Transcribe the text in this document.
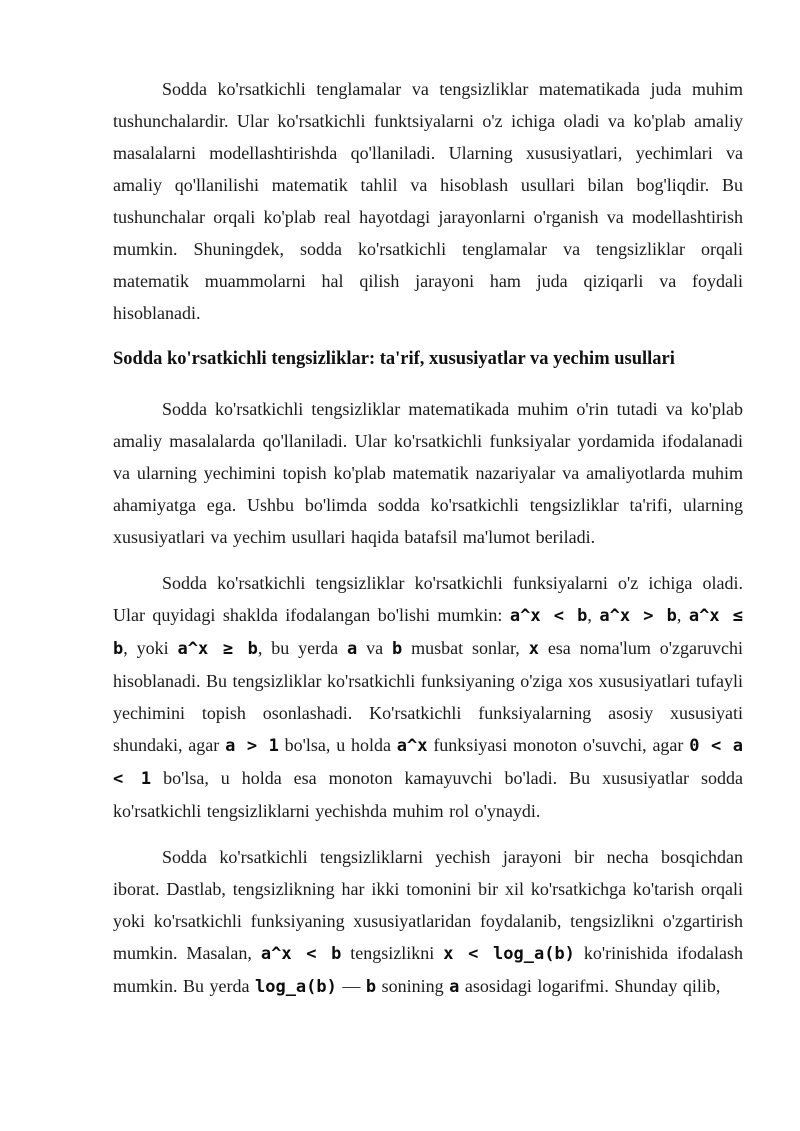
Sodda ko'rsatkichli tenglamalar va tengsizliklar matematikada juda muhim tushunchalardir. Ular ko'rsatkichli funktsiyalarni o'z ichiga oladi va ko'plab amaliy masalalarni modellashtirishda qo'llaniladi. Ularning xususiyatlari, yechimlari va amaliy qo'llanilishi matematik tahlil va hisoblash usullari bilan bog'liqdir. Bu tushunchalar orqali ko'plab real hayotdagi jarayonlarni o'rganish va modellashtirish mumkin. Shuningdek, sodda ko'rsatkichli tenglamalar va tengsizliklar orqali matematik muammolarni hal qilish jarayoni ham juda qiziqarli va foydali hisoblanadi.

Sodda ko'rsatkichli tengsizliklar: ta'rif, xususiyatlar va yechim usullari

Sodda ko'rsatkichli tengsizliklar matematikada muhim o'rin tutadi va ko'plab amaliy masalalarda qo'llaniladi. Ular ko'rsatkichli funksiyalar yordamida ifodalanadi va ularning yechimini topish ko'plab matematik nazariyalar va amaliyotlarda muhim ahamiyatga ega. Ushbu bo'limda sodda ko'rsatkichli tengsizliklar ta'rifi, ularning xususiyatlari va yechim usullari haqida batafsil ma'lumot beriladi.

Sodda ko'rsatkichli tengsizliklar ko'rsatkichli funksiyalarni o'z ichiga oladi. Ular quyidagi shaklda ifodalangan bo'lishi mumkin: a^x < b, a^x > b, a^x ≤ b, yoki a^x ≥ b, bu yerda a va b musbat sonlar, x esa noma'lum o'zgaruvchi hisoblanadi. Bu tengsizliklar ko'rsatkichli funksiyaning o'ziga xos xususiyatlari tufayli yechimini topish osonlashadi. Ko'rsatkichli funksiyalarning asosiy xususiyati shundaki, agar a > 1 bo'lsa, u holda a^x funksiyasi monoton o'suvchi, agar 0 < a < 1 bo'lsa, u holda esa monoton kamayuvchi bo'ladi. Bu xususiyatlar sodda ko'rsatkichli tengsizliklarni yechishda muhim rol o'ynaydi.

Sodda ko'rsatkichli tengsizliklarni yechish jarayoni bir necha bosqichdan iborat. Dastlab, tengsizlikning har ikki tomonini bir xil ko'rsatkichga ko'tarish orqali yoki ko'rsatkichli funksiyaning xususiyatlaridan foydalanib, tengsizlikni o'zgartirish mumkin. Masalan, a^x < b tengsizlikni x < log_a(b) ko'rinishida ifodalash mumkin. Bu yerda log_a(b) — b sonining a asosidagi logarifmi. Shunday qilib,
